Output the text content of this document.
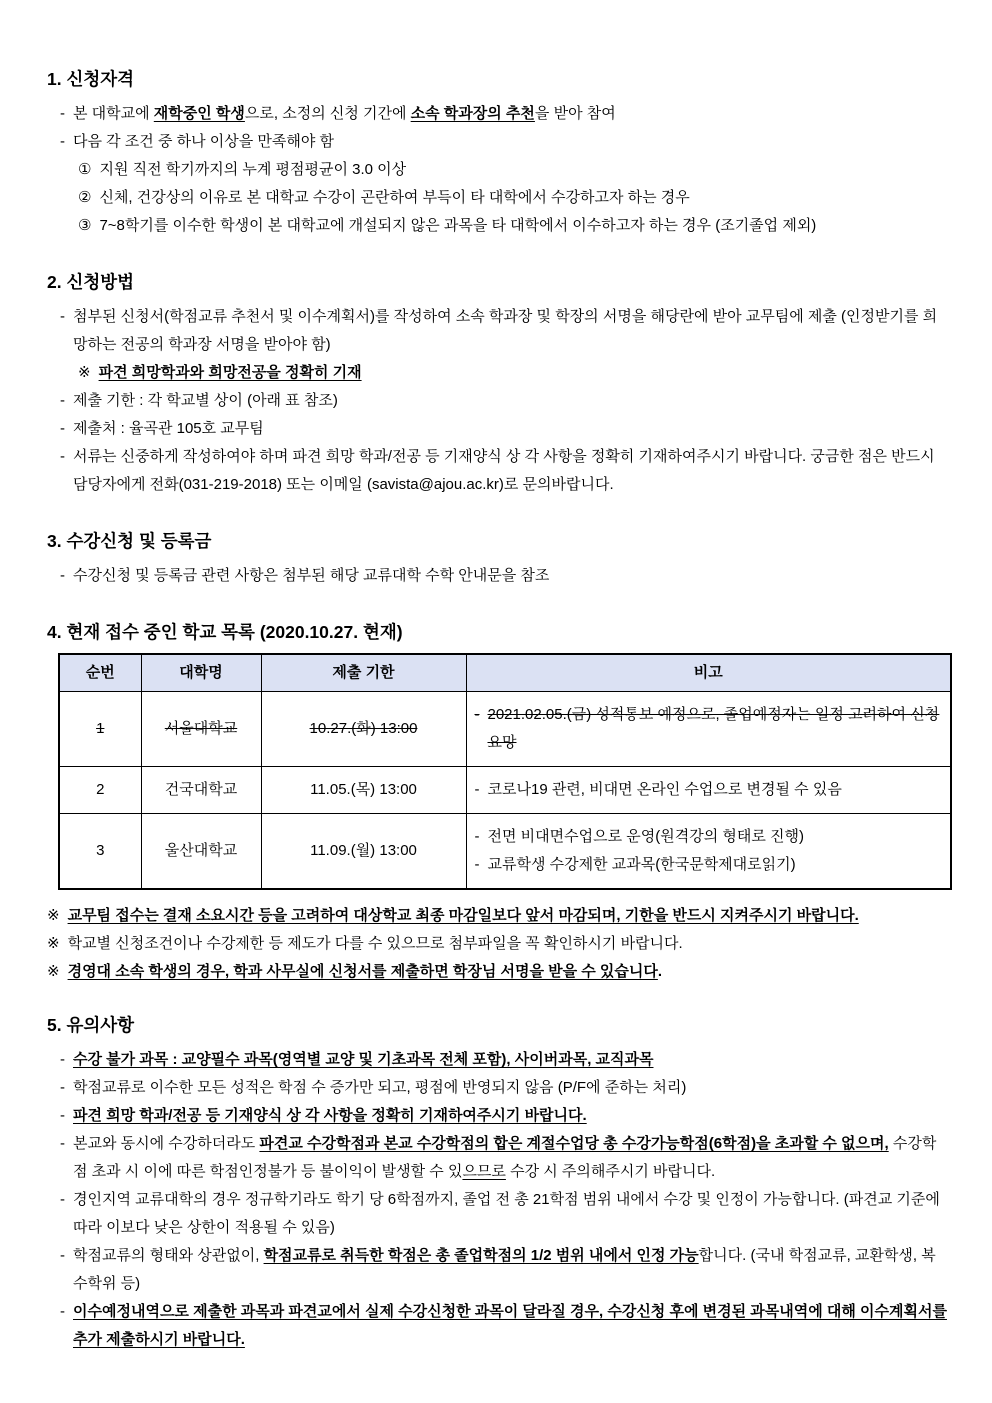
1. 신청자격
- 본 대학교에 재학중인 학생으로, 소정의 신청 기간에 소속 학과장의 추천을 받아 참여
- 다음 각 조건 중 하나 이상을 만족해야 함
① 지원 직전 학기까지의 누계 평점평균이 3.0 이상
② 신체, 건강상의 이유로 본 대학교 수강이 곤란하여 부득이 타 대학에서 수강하고자 하는 경우
③ 7~8학기를 이수한 학생이 본 대학교에 개설되지 않은 과목을 타 대학에서 이수하고자 하는 경우 (조기졸업 제외)
2. 신청방법
- 첨부된 신청서(학점교류 추천서 및 이수계획서)를 작성하여 소속 학과장 및 학장의 서명을 해당란에 받아 교무팀에 제출 (인정받기를 희망하는 전공의 학과장 서명을 받아야 함)
※ 파견 희망학과와 희망전공을 정확히 기재
- 제출 기한 : 각 학교별 상이 (아래 표 참조)
- 제출처 : 율곡관 105호 교무팀
- 서류는 신중하게 작성하여야 하며 파견 희망 학과/전공 등 기재양식 상 각 사항을 정확히 기재하여주시기 바랍니다. 궁금한 점은 반드시 담당자에게 전화(031-219-2018) 또는 이메일 (savista@ajou.ac.kr)로 문의바랍니다.
3. 수강신청 및 등록금
- 수강신청 및 등록금 관련 사항은 첨부된 해당 교류대학 수학 안내문을 참조
4. 현재 접수 중인 학교 목록 (2020.10.27. 현재)
순번	대학명	제출 기한	비고
1	서울대학교	10.27.(화) 13:00	- 2021.02.05.(금) 성적통보 예정으로, 졸업예정자는 일정 고려하여 신청 요망

2	건국대학교	11.05.(목) 13:00	- 코로나19 관련, 비대면 온라인 수업으로 변경될 수 있음

3	울산대학교	11.09.(월) 13:00	- 전면 비대면수업으로 운영(원격강의 형태로 진행)
- 교류학생 수강제한 교과목(한국문학제대로읽기)
※ 교무팀 접수는 결재 소요시간 등을 고려하여 대상학교 최종 마감일보다 앞서 마감되며, 기한을 반드시 지켜주시기 바랍니다.
※ 학교별 신청조건이나 수강제한 등 제도가 다를 수 있으므로 첨부파일을 꼭 확인하시기 바랍니다.
※ 경영대 소속 학생의 경우, 학과 사무실에 신청서를 제출하면 학장님 서명을 받을 수 있습니다.
5. 유의사항
- 수강 불가 과목 : 교양필수 과목(영역별 교양 및 기초과목 전체 포함), 사이버과목, 교직과목
- 학점교류로 이수한 모든 성적은 학점 수 증가만 되고, 평점에 반영되지 않음 (P/F에 준하는 처리)
- 파견 희망 학과/전공 등 기재양식 상 각 사항을 정확히 기재하여주시기 바랍니다.
- 본교와 동시에 수강하더라도 파견교 수강학점과 본교 수강학점의 합은 계절수업당 총 수강가능학점(6학점)을 초과할 수 없으며, 수강학점 초과 시 이에 따른 학점인정불가 등 불이익이 발생할 수 있으므로 수강 시 주의해주시기 바랍니다.
- 경인지역 교류대학의 경우 정규학기라도 학기 당 6학점까지, 졸업 전 총 21학점 범위 내에서 수강 및 인정이 가능합니다. (파견교 기준에 따라 이보다 낮은 상한이 적용될 수 있음)
- 학점교류의 형태와 상관없이, 학점교류로 취득한 학점은 총 졸업학점의 1/2 범위 내에서 인정 가능합니다. (국내 학점교류, 교환학생, 복수학위 등)
- 이수예정내역으로 제출한 과목과 파견교에서 실제 수강신청한 과목이 달라질 경우, 수강신청 후에 변경된 과목내역에 대해 이수계획서를 추가 제출하시기 바랍니다.
